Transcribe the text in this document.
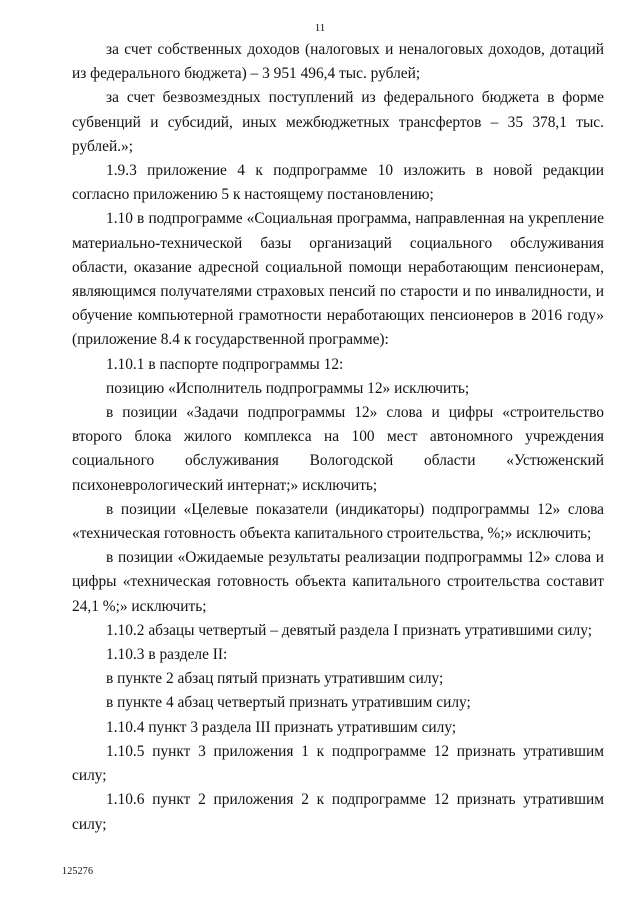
11

за счет собственных доходов (налоговых и неналоговых доходов, дотаций из федерального бюджета) – 3 951 496,4 тыс. рублей;

за счет безвозмездных поступлений из федерального бюджета в форме субвенций и субсидий, иных межбюджетных трансфертов – 35 378,1 тыс. рублей.»;

1.9.3 приложение 4 к подпрограмме 10 изложить в новой редакции согласно приложению 5 к настоящему постановлению;

1.10 в подпрограмме «Социальная программа, направленная на укрепление материально-технической базы организаций социального обслуживания области, оказание адресной социальной помощи неработающим пенсионерам, являющимся получателями страховых пенсий по старости и по инвалидности, и обучение компьютерной грамотности неработающих пенсионеров в 2016 году» (приложение 8.4 к государственной программе):

1.10.1 в паспорте подпрограммы 12:

позицию «Исполнитель подпрограммы 12» исключить;

в позиции «Задачи подпрограммы 12» слова и цифры «строительство второго блока жилого комплекса на 100 мест автономного учреждения социального обслуживания Вологодской области «Устюженский психоневрологический интернат;» исключить;

в позиции «Целевые показатели (индикаторы) подпрограммы 12» слова «техническая готовность объекта капитального строительства, %;» исключить;

в позиции «Ожидаемые результаты реализации подпрограммы 12» слова и цифры «техническая готовность объекта капитального строительства составит 24,1 %;» исключить;

1.10.2 абзацы четвертый – девятый раздела I признать утратившими силу;

1.10.3 в разделе II:

в пункте 2 абзац пятый признать утратившим силу;

в пункте 4 абзац четвертый признать утратившим силу;

1.10.4 пункт 3 раздела III признать утратившим силу;

1.10.5 пункт 3 приложения 1 к подпрограмме 12 признать утратившим силу;

1.10.6 пункт 2 приложения 2 к подпрограмме 12 признать утратившим силу;

125276
